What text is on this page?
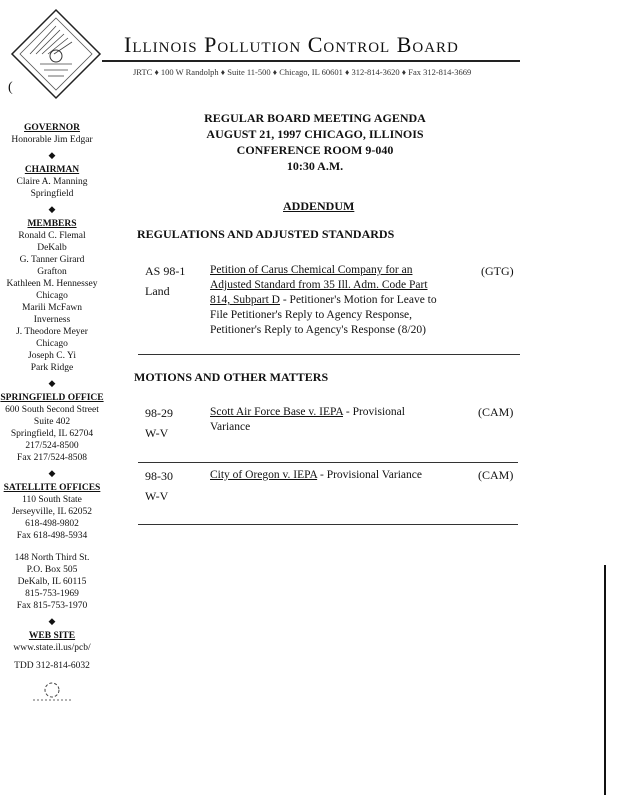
(
Illinois Pollution Control Board
JRTC ♦ 100 W Randolph ♦ Suite 11-500 ♦ Chicago, IL 60601 ♦ 312-814-3620 ♦ Fax 312-814-3669
GOVERNOR
Honorable Jim Edgar
◆
CHAIRMAN
Claire A. Manning
Springfield
◆
MEMBERS
Ronald C. Flemal
DeKalb
G. Tanner Girard
Grafton
Kathleen M. Hennessey
Chicago
Marili McFawn
Inverness
J. Theodore Meyer
Chicago
Joseph C. Yi
Park Ridge
◆
SPRINGFIELD OFFICE
600 South Second Street
Suite 402
Springfield, IL 62704
217/524-8500
Fax 217/524-8508
◆
SATELLITE OFFICES
110 South State
Jerseyville, IL 62052
618-498-9802
Fax 618-498-5934
148 North Third St.
P.O. Box 505
DeKalb, IL 60115
815-753-1969
Fax 815-753-1970
◆
WEB SITE
www.state.il.us/pcb/
TDD 312-814-6032
REGULAR BOARD MEETING AGENDA
AUGUST 21, 1997 CHICAGO, ILLINOIS
CONFERENCE ROOM 9-040
10:30 A.M.
ADDENDUM
REGULATIONS AND ADJUSTED STANDARDS
AS 98-1
Land
Petition of Carus Chemical Company for an Adjusted Standard from 35 Ill. Adm. Code Part 814, Subpart D - Petitioner's Motion for Leave to File Petitioner's Reply to Agency Response, Petitioner's Reply to Agency's Response (8/20)
(GTG)
MOTIONS AND OTHER MATTERS
98-29
W-V
Scott Air Force Base v. IEPA - Provisional Variance
(CAM)
98-30
W-V
City of Oregon v. IEPA - Provisional Variance	(CAM)
